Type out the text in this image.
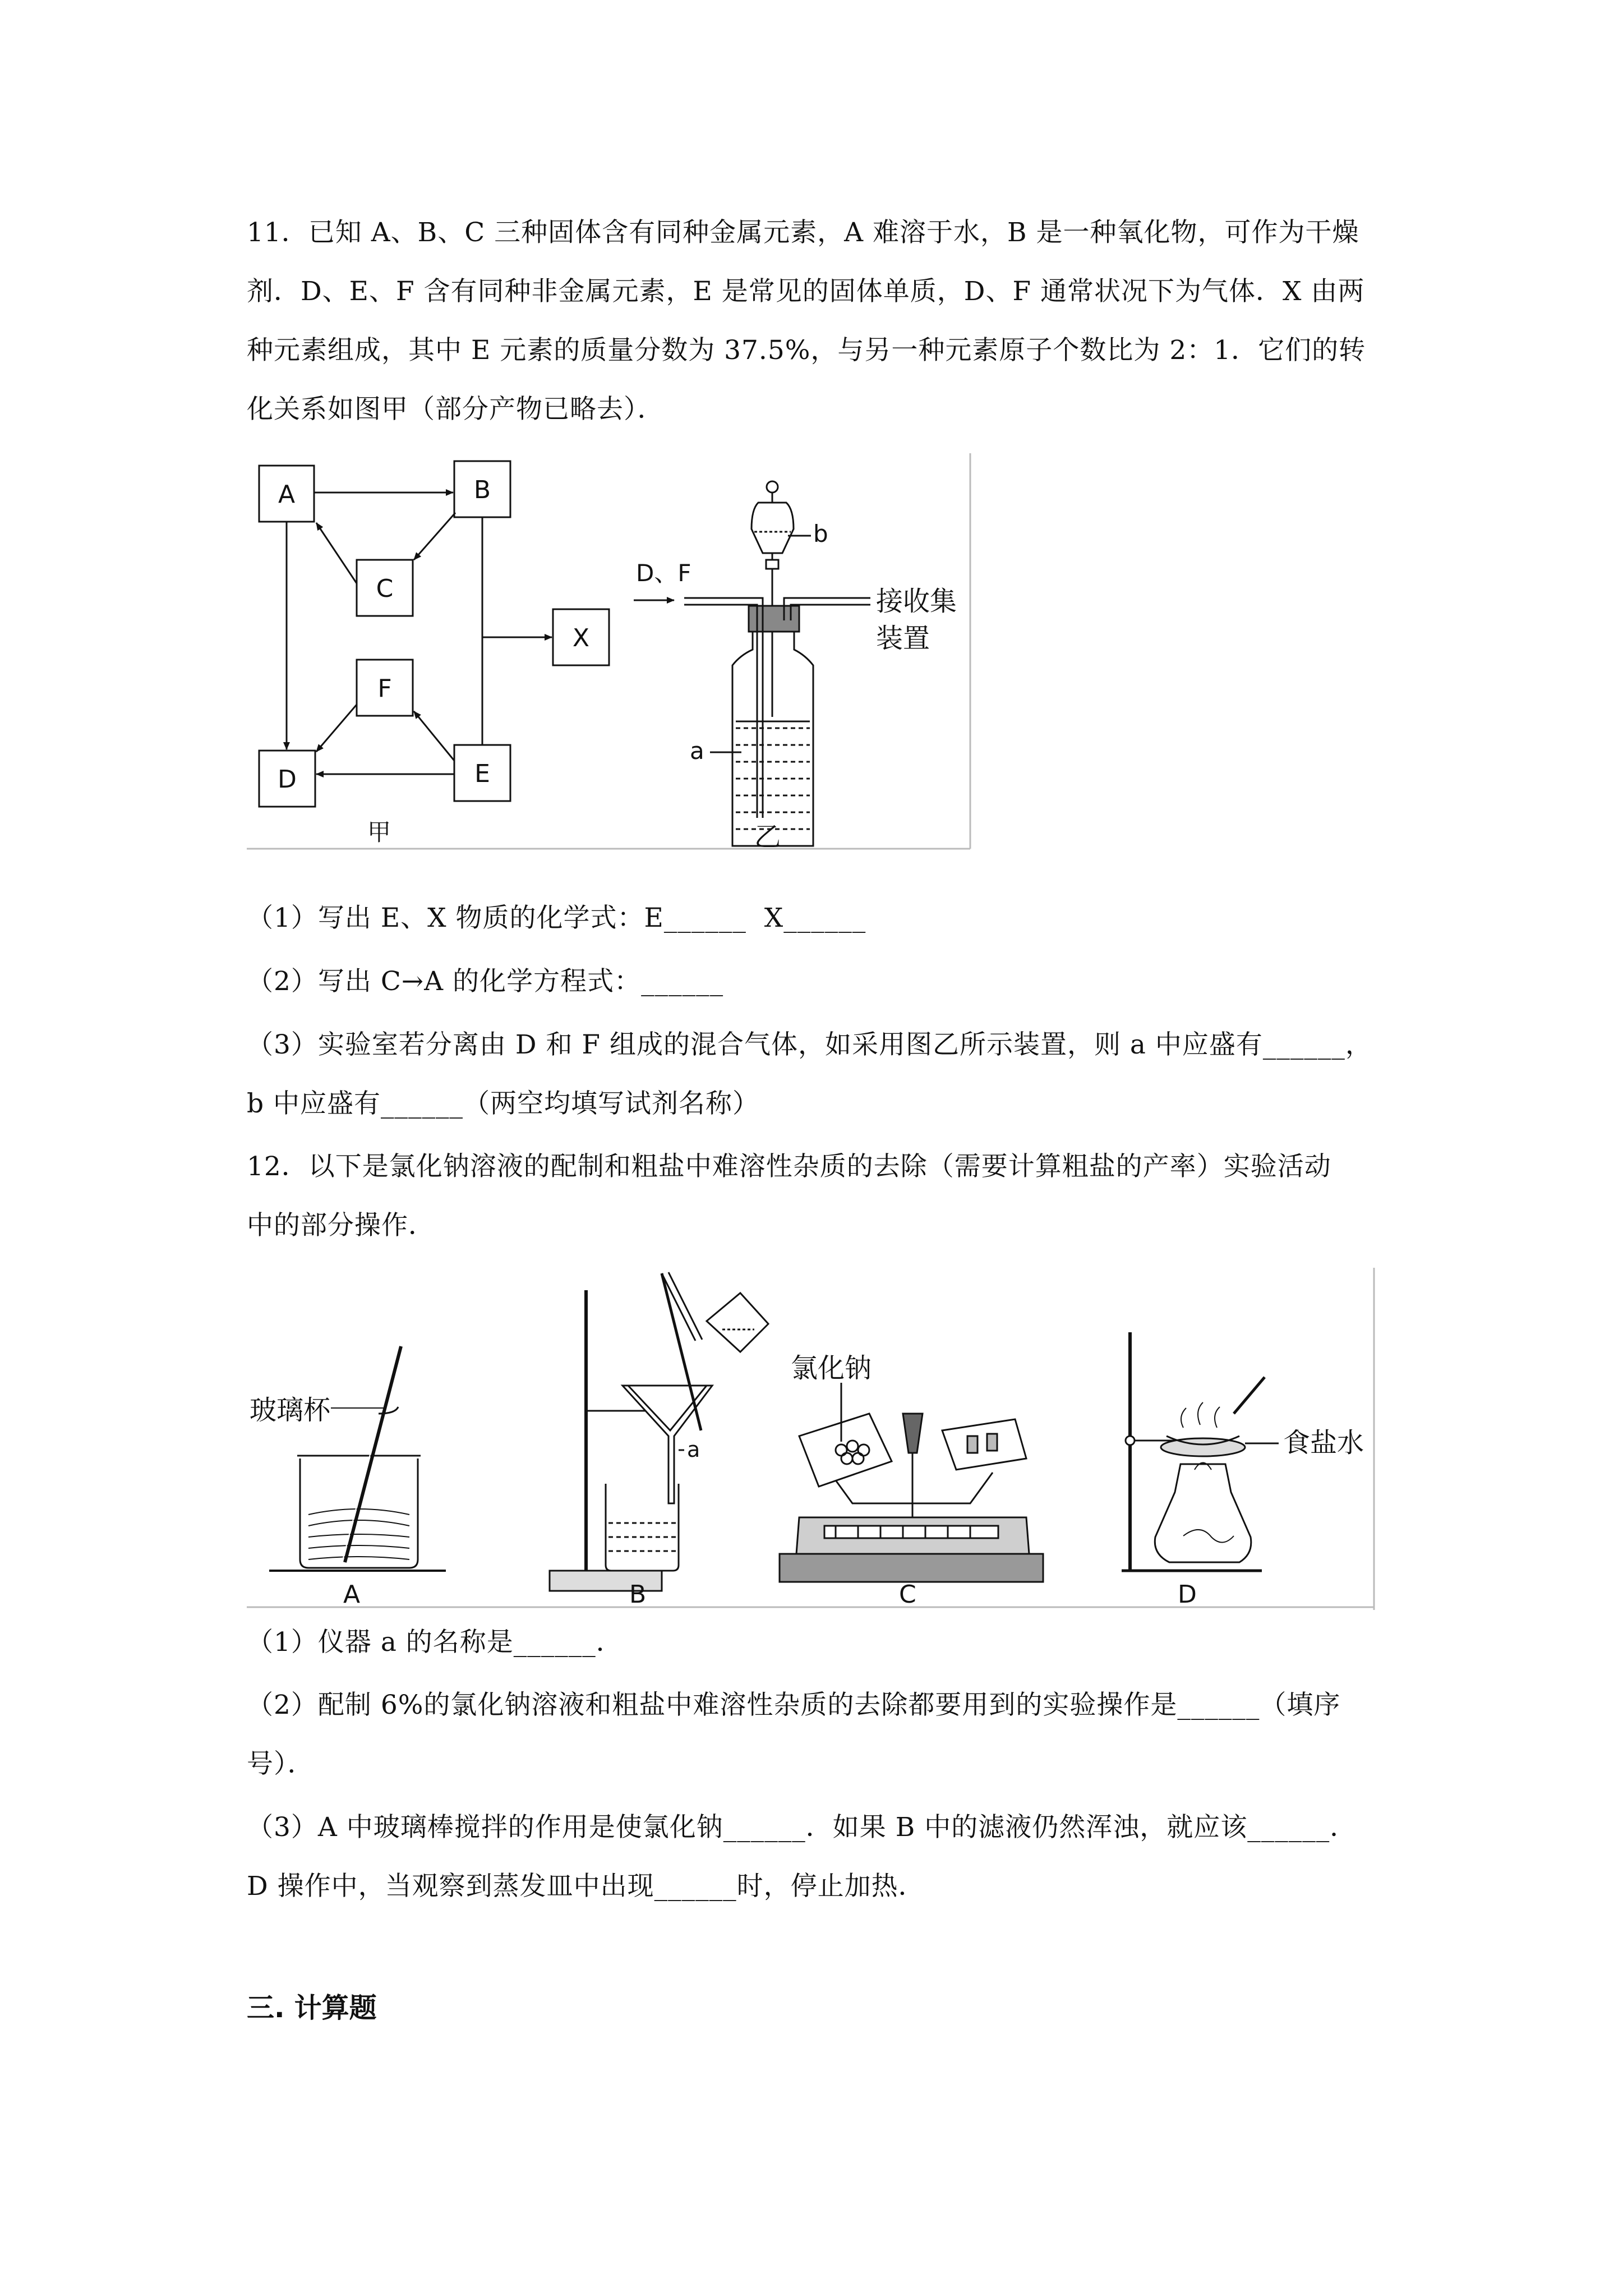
11．已知 A、B、C 三种固体含有同种金属元素，A 难溶于水，B 是一种氧化物，可作为干燥
剂．D、E、F 含有同种非金属元素，E 是常见的固体单质，D、F 通常状况下为气体．X 由两
种元素组成，其中 E 元素的质量分数为 37.5%，与另一种元素原子个数比为 2：1．它们的转
化关系如图甲（部分产物已略去）．
A	B
C
X
F
D	E
甲
D、F
b
接收集
装置
a
乙
（1）写出 E、X 物质的化学式：E______  X______
（2）写出 C→A 的化学方程式：______
（3）实验室若分离由 D 和 F 组成的混合气体，如采用图乙所示装置，则 a 中应盛有______，
b 中应盛有______（两空均填写试剂名称）
12．以下是氯化钠溶液的配制和粗盐中难溶性杂质的去除（需要计算粗盐的产率）实验活动
中的部分操作．
玻璃杯
A
a
B
氯化钠
C
食盐水
D
（1）仪器 a 的名称是______．
（2）配制 6%的氯化钠溶液和粗盐中难溶性杂质的去除都要用到的实验操作是______（填序
号）．
（3）A 中玻璃棒搅拌的作用是使氯化钠______．如果 B 中的滤液仍然浑浊，就应该______．
D 操作中，当观察到蒸发皿中出现______时，停止加热．
三. 计算题
